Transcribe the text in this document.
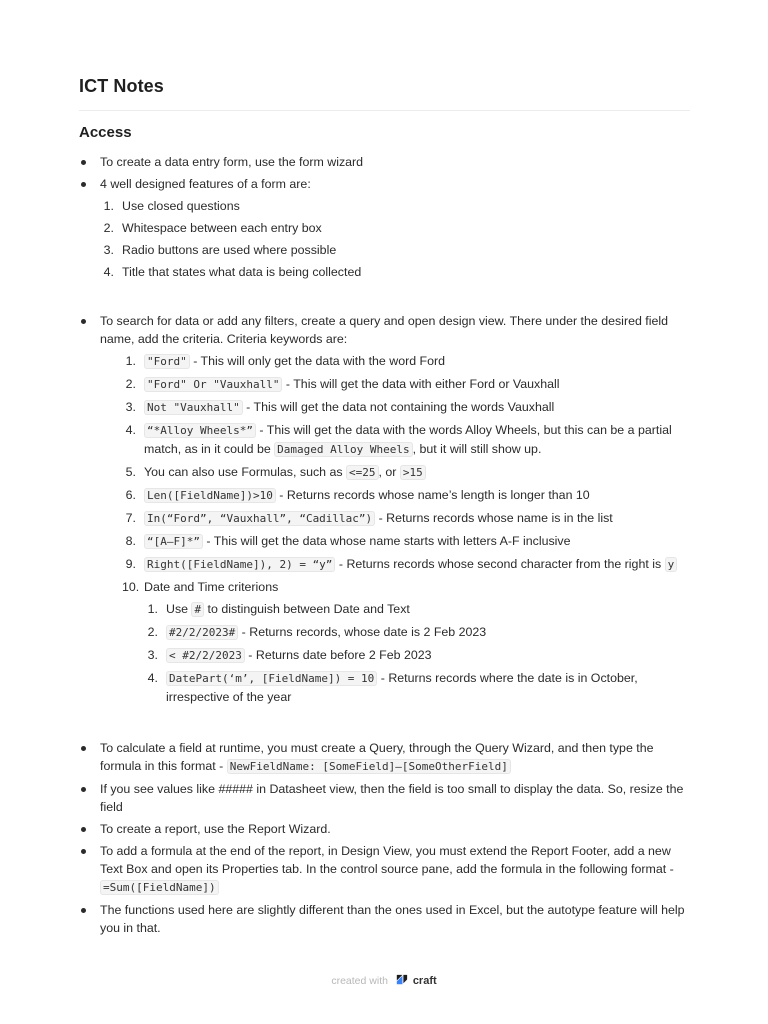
ICT Notes
Access
To create a data entry form, use the form wizard
4 well designed features of a form are:
1. Use closed questions
2. Whitespace between each entry box
3. Radio buttons are used where possible
4. Title that states what data is being collected
To search for data or add any filters, create a query and open design view. There under the desired field name, add the criteria. Criteria keywords are:
1. "Ford" - This will only get the data with the word Ford
2. "Ford" Or "Vauxhall" - This will get the data with either Ford or Vauxhall
3. Not "Vauxhall" - This will get the data not containing the words Vauxhall
4. “*Alloy Wheels*” - This will get the data with the words Alloy Wheels, but this can be a partial match, as in it could be Damaged Alloy Wheels , but it will still show up.
5. You can also use Formulas, such as <=25 , or >15
6. Len([FieldName])>10 - Returns records whose name’s length is longer than 10
7. In(“Ford”, “Vauxhall”, “Cadillac”) - Returns records whose name is in the list
8. “[A–F]*” - This will get the data whose name starts with letters A-F inclusive
9. Right([FieldName]), 2) = “y” - Returns records whose second character from the right is y
10. Date and Time criterions
1. Use # to distinguish between Date and Text
2. #2/2/2023# - Returns records, whose date is 2 Feb 2023
3. < #2/2/2023 - Returns date before 2 Feb 2023
4. DatePart(‘m’, [FieldName]) = 10 - Returns records where the date is in October, irrespective of the year
To calculate a field at runtime, you must create a Query, through the Query Wizard, and then type the formula in this format - NewFieldName: [SomeField]–[SomeOtherField]
If you see values like ##### in Datasheet view, then the field is too small to display the data. So, resize the field
To create a report, use the Report Wizard.
To add a formula at the end of the report, in Design View, you must extend the Report Footer, add a new Text Box and open its Properties tab. In the control source pane, add the formula in the following format - =Sum([FieldName])
The functions used here are slightly different than the ones used in Excel, but the autotype feature will help you in that.
created with craft
